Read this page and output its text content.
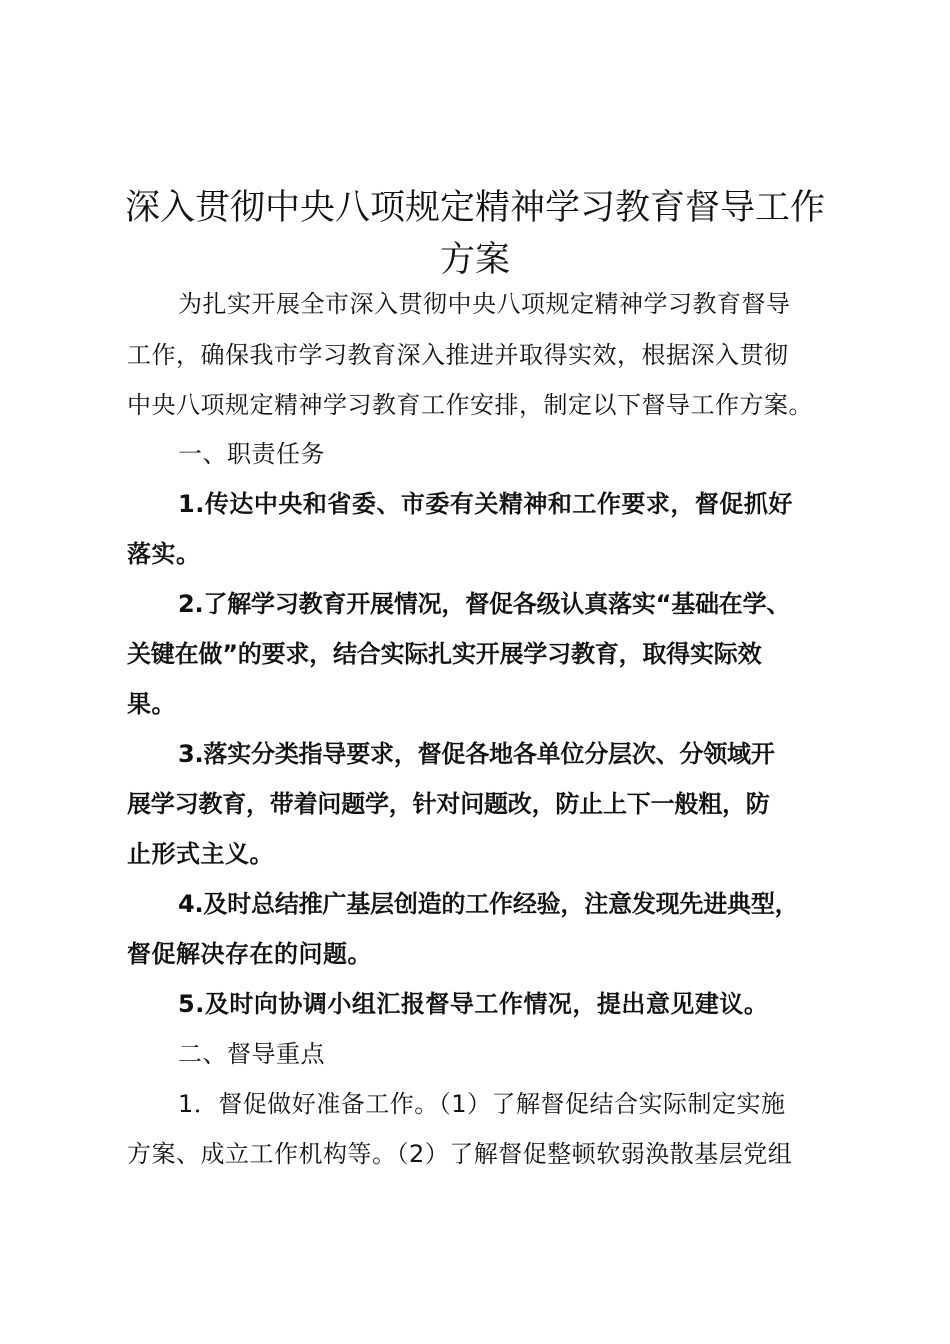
深入贯彻中央八项规定精神学习教育督导工作
方案
为扎实开展全市深入贯彻中央八项规定精神学习教育督导
工作，确保我市学习教育深入推进并取得实效，根据深入贯彻
中央八项规定精神学习教育工作安排，制定以下督导工作方案。
一、职责任务
1.传达中央和省委、市委有关精神和工作要求，督促抓好
落实。
2.了解学习教育开展情况，督促各级认真落实“基础在学、
关键在做”的要求，结合实际扎实开展学习教育，取得实际效
果。
3.落实分类指导要求，督促各地各单位分层次、分领域开
展学习教育，带着问题学，针对问题改，防止上下一般粗，防
止形式主义。
4.及时总结推广基层创造的工作经验，注意发现先进典型，
督促解决存在的问题。
5.及时向协调小组汇报督导工作情况，提出意见建议。
二、督导重点
1．督促做好准备工作。（1）了解督促结合实际制定实施
方案、成立工作机构等。（2）了解督促整顿软弱涣散基层党组
